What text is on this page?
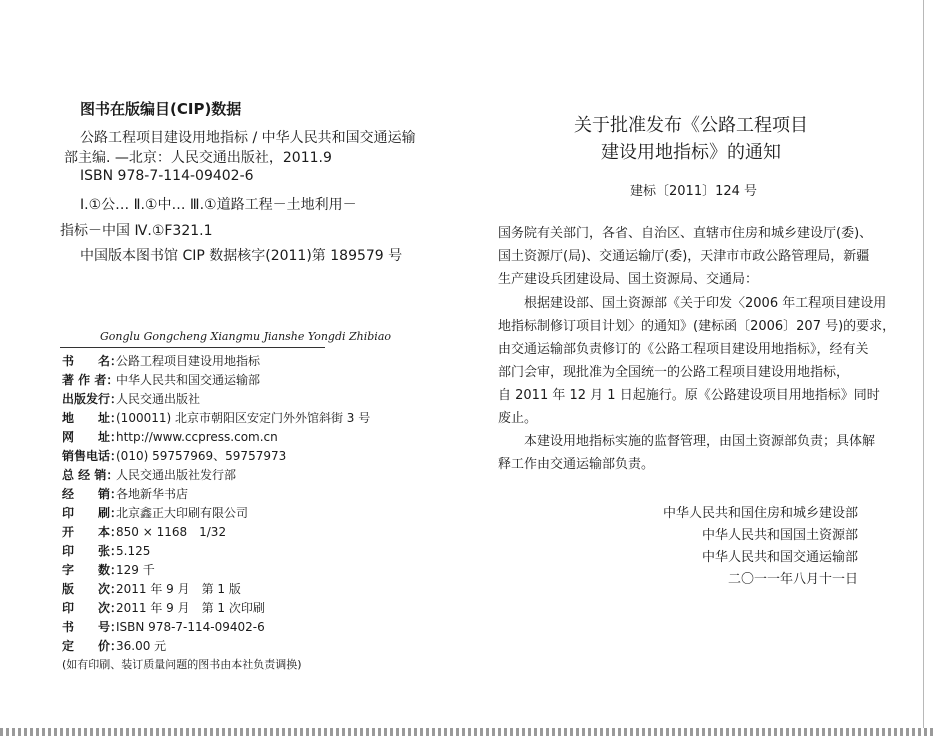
图书在版编目(CIP)数据
公路工程项目建设用地指标 / 中华人民共和国交通运输
部主编. —北京：人民交通出版社，2011.9
ISBN 978-7-114-09402-6
Ⅰ.①公… Ⅱ.①中… Ⅲ.①道路工程－土地利用－
指标－中国 Ⅳ.①F321.1
中国版本图书馆 CIP 数据核字(2011)第 189579 号
Gonglu Gongcheng Xiangmu Jianshe Yongdi Zhibiao
书　　名：公路工程项目建设用地指标
著 作 者：中华人民共和国交通运输部
出版发行：人民交通出版社
地　　址：(100011) 北京市朝阳区安定门外外馆斜街 3 号
网　　址：http://www.ccpress.com.cn
销售电话：(010) 59757969、59757973
总 经 销：人民交通出版社发行部
经　　销：各地新华书店
印　　刷：北京鑫正大印刷有限公司
开　　本：850 × 1168　1/32
印　　张：5.125
字　　数：129 千
版　　次：2011 年 9 月　第 1 版
印　　次：2011 年 9 月　第 1 次印刷
书　　号：ISBN 978-7-114-09402-6
定　　价：36.00 元
(如有印刷、装订质量问题的图书由本社负责调换)
关于批准发布《公路工程项目
建设用地指标》的通知
建标〔2011〕124 号
国务院有关部门，各省、自治区、直辖市住房和城乡建设厅(委)、
国土资源厅(局)、交通运输厅(委)，天津市市政公路管理局，新疆
生产建设兵团建设局、国土资源局、交通局：
　　根据建设部、国土资源部《关于印发〈2006 年工程项目建设用
地指标制修订项目计划〉的通知》(建标函〔2006〕207 号)的要求，
由交通运输部负责修订的《公路工程项目建设用地指标》，经有关
部门会审，现批准为全国统一的公路工程项目建设用地指标，
自 2011 年 12 月 1 日起施行。原《公路建设项目用地指标》同时
废止。
　　本建设用地指标实施的监督管理，由国土资源部负责；具体解
释工作由交通运输部负责。
中华人民共和国住房和城乡建设部
中华人民共和国国土资源部
中华人民共和国交通运输部
二〇一一年八月十一日
